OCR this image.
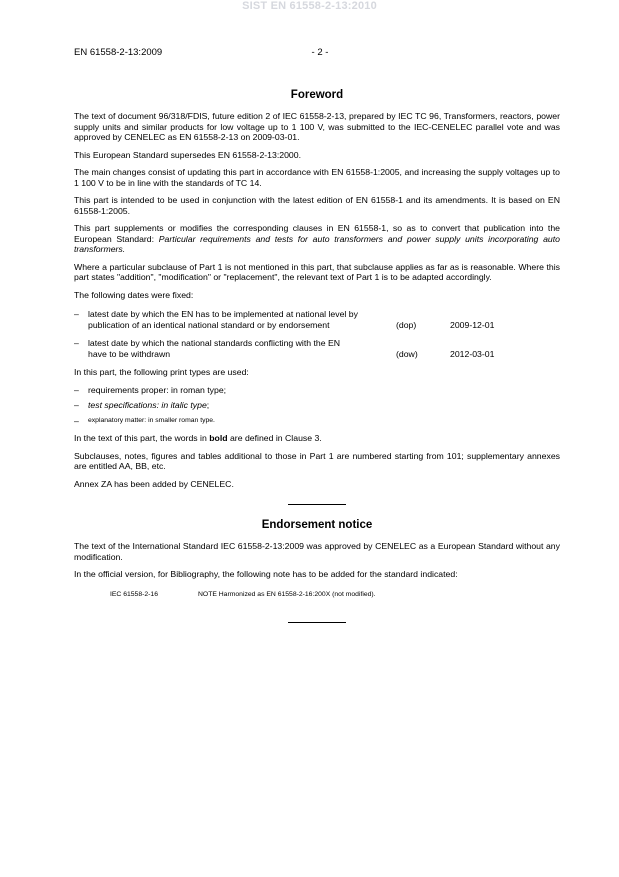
SIST EN 61558-2-13:2010
EN 61558-2-13:2009	- 2 -
Foreword

The text of document 96/318/FDIS, future edition 2 of IEC 61558-2-13, prepared by IEC TC 96, Transformers, reactors, power supply units and similar products for low voltage up to 1 100 V, was submitted to the IEC-CENELEC parallel vote and was approved by CENELEC as EN 61558-2-13 on 2009-03-01.

This European Standard supersedes EN 61558-2-13:2000.

The main changes consist of updating this part in accordance with EN 61558-1:2005, and increasing the supply voltages up to 1 100 V to be in line with the standards of TC 14.

This part is intended to be used in conjunction with the latest edition of EN 61558-1 and its amendments. It is based on EN 61558-1:2005.

This part supplements or modifies the corresponding clauses in EN 61558-1, so as to convert that publication into the European Standard: Particular requirements and tests for auto transformers and power supply units incorporating auto transformers.

Where a particular subclause of Part 1 is not mentioned in this part, that subclause applies as far as is reasonable. Where this part states "addition", "modification" or "replacement", the relevant text of Part 1 is to be adapted accordingly.

The following dates were fixed:

– latest date by which the EN has to be implemented at national level by publication of an identical national standard or by endorsement	(dop)	2009-12-01
– latest date by which the national standards conflicting with the EN have to be withdrawn	(dow)	2012-03-01

In this part, the following print types are used:

– requirements proper: in roman type;
– test specifications: in italic type;
– explanatory matter: in smaller roman type.

In the text of this part, the words in bold are defined in Clause 3.

Subclauses, notes, figures and tables additional to those in Part 1 are numbered starting from 101; supplementary annexes are entitled AA, BB, etc.

Annex ZA has been added by CENELEC.

Endorsement notice

The text of the International Standard IEC 61558-2-13:2009 was approved by CENELEC as a European Standard without any modification.

In the official version, for Bibliography, the following note has to be added for the standard indicated:

IEC 61558-2-16	NOTE Harmonized as EN 61558-2-16:200X (not modified).
